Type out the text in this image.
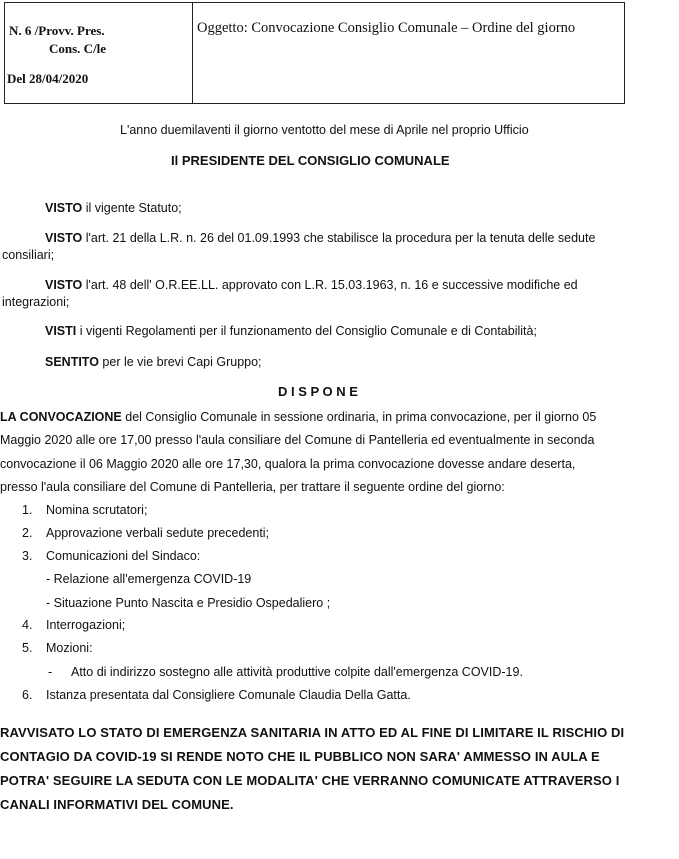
N. 6 /Provv. Pres.
Cons. C/le
Del 28/04/2020
Oggetto: Convocazione Consiglio Comunale – Ordine del giorno
L'anno duemilaventi il giorno ventotto del mese di Aprile nel proprio Ufficio
Il PRESIDENTE DEL CONSIGLIO COMUNALE
VISTO il vigente Statuto;
VISTO l'art. 21 della L.R. n. 26 del 01.09.1993 che stabilisce la procedura per la tenuta delle sedute
consiliari;
VISTO l'art. 48 dell' O.R.EE.LL. approvato con L.R. 15.03.1963, n. 16 e successive modifiche ed
integrazioni;
VISTI i vigenti Regolamenti per il funzionamento del Consiglio Comunale e di Contabilità;
SENTITO per le vie brevi Capi Gruppo;
D I S P O N E
LA CONVOCAZIONE del Consiglio Comunale in sessione ordinaria, in prima convocazione, per il giorno 05
Maggio 2020 alle ore 17,00 presso l'aula consiliare del Comune di Pantelleria ed eventualmente in seconda
convocazione il 06 Maggio 2020 alle ore 17,30, qualora la prima convocazione dovesse andare deserta,
presso l'aula consiliare del Comune di Pantelleria, per trattare il seguente ordine del giorno:
1. Nomina scrutatori;
2. Approvazione verbali sedute precedenti;
3. Comunicazioni del Sindaco:
- Relazione all'emergenza COVID-19
- Situazione Punto Nascita e Presidio Ospedaliero ;
4. Interrogazioni;
5. Mozioni:
- Atto di indirizzo sostegno alle attività produttive colpite dall'emergenza COVID-19.
6. Istanza presentata dal Consigliere Comunale Claudia Della Gatta.
RAVVISATO LO STATO DI EMERGENZA SANITARIA IN ATTO ED AL FINE DI LIMITARE IL RISCHIO DI
CONTAGIO DA COVID-19 SI RENDE NOTO CHE IL PUBBLICO NON SARA' AMMESSO IN AULA E
POTRA' SEGUIRE LA SEDUTA CON LE MODALITA' CHE VERRANNO COMUNICATE ATTRAVERSO I
CANALI INFORMATIVI DEL COMUNE.
